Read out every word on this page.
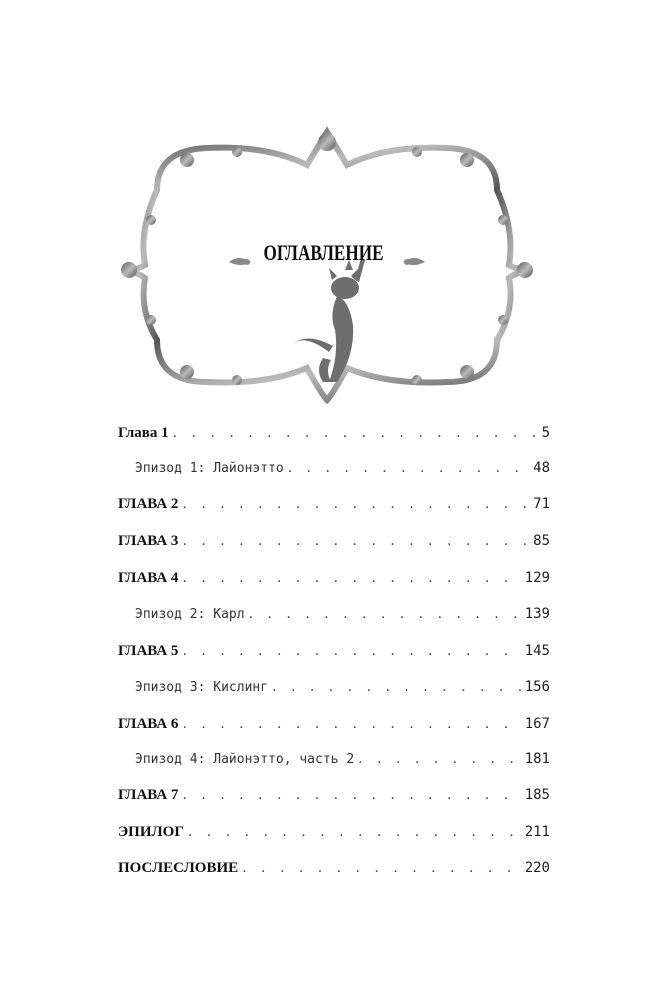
ОГЛАВЛЕНИЕ
Глава 1 . . .	5
Эпизод 1: Лайонэтто . . .	48
ГЛАВА 2 . . .	71
ГЛАВА 3 . . .	85
ГЛАВА 4 . . .	129
Эпизод 2: Карл . . .	139
ГЛАВА 5 . . .	145
Эпизод 3: Кислинг . . .	156
ГЛАВА 6 . . .	167
Эпизод 4: Лайонэтто, часть 2 . . .	181
ГЛАВА 7 . . .	185
ЭПИЛОГ . . .	211
ПОСЛЕСЛОВИЕ . . .	220
